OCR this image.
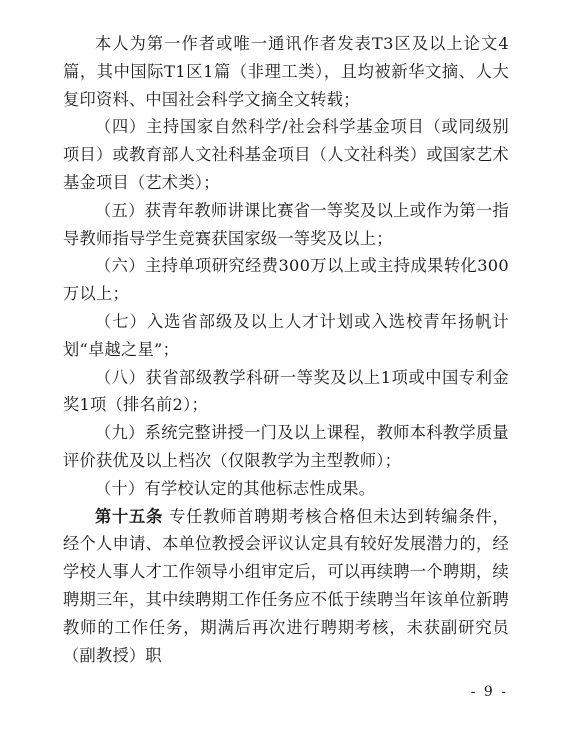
本人为第一作者或唯一通讯作者发表T3区及以上论文4篇，其中国际T1区1篇（非理工类），且均被新华文摘、人大复印资料、中国社会科学文摘全文转载；

（四）主持国家自然科学/社会科学基金项目（或同级别项目）或教育部人文社科基金项目（人文社科类）或国家艺术基金项目（艺术类）；

（五）获青年教师讲课比赛省一等奖及以上或作为第一指导教师指导学生竞赛获国家级一等奖及以上；

（六）主持单项研究经费300万以上或主持成果转化300万以上；

（七）入选省部级及以上人才计划或入选校青年扬帆计划“卓越之星”；

（八）获省部级教学科研一等奖及以上1项或中国专利金奖1项（排名前2）；

（九）系统完整讲授一门及以上课程，教师本科教学质量评价获优及以上档次（仅限教学为主型教师）；

（十）有学校认定的其他标志性成果。

第十五条 专任教师首聘期考核合格但未达到转编条件，经个人申请、本单位教授会评议认定具有较好发展潜力的，经学校人事人才工作领导小组审定后，可以再续聘一个聘期，续聘期三年，其中续聘期工作任务应不低于续聘当年该单位新聘教师的工作任务，期满后再次进行聘期考核，未获副研究员（副教授）职

- 9 -
